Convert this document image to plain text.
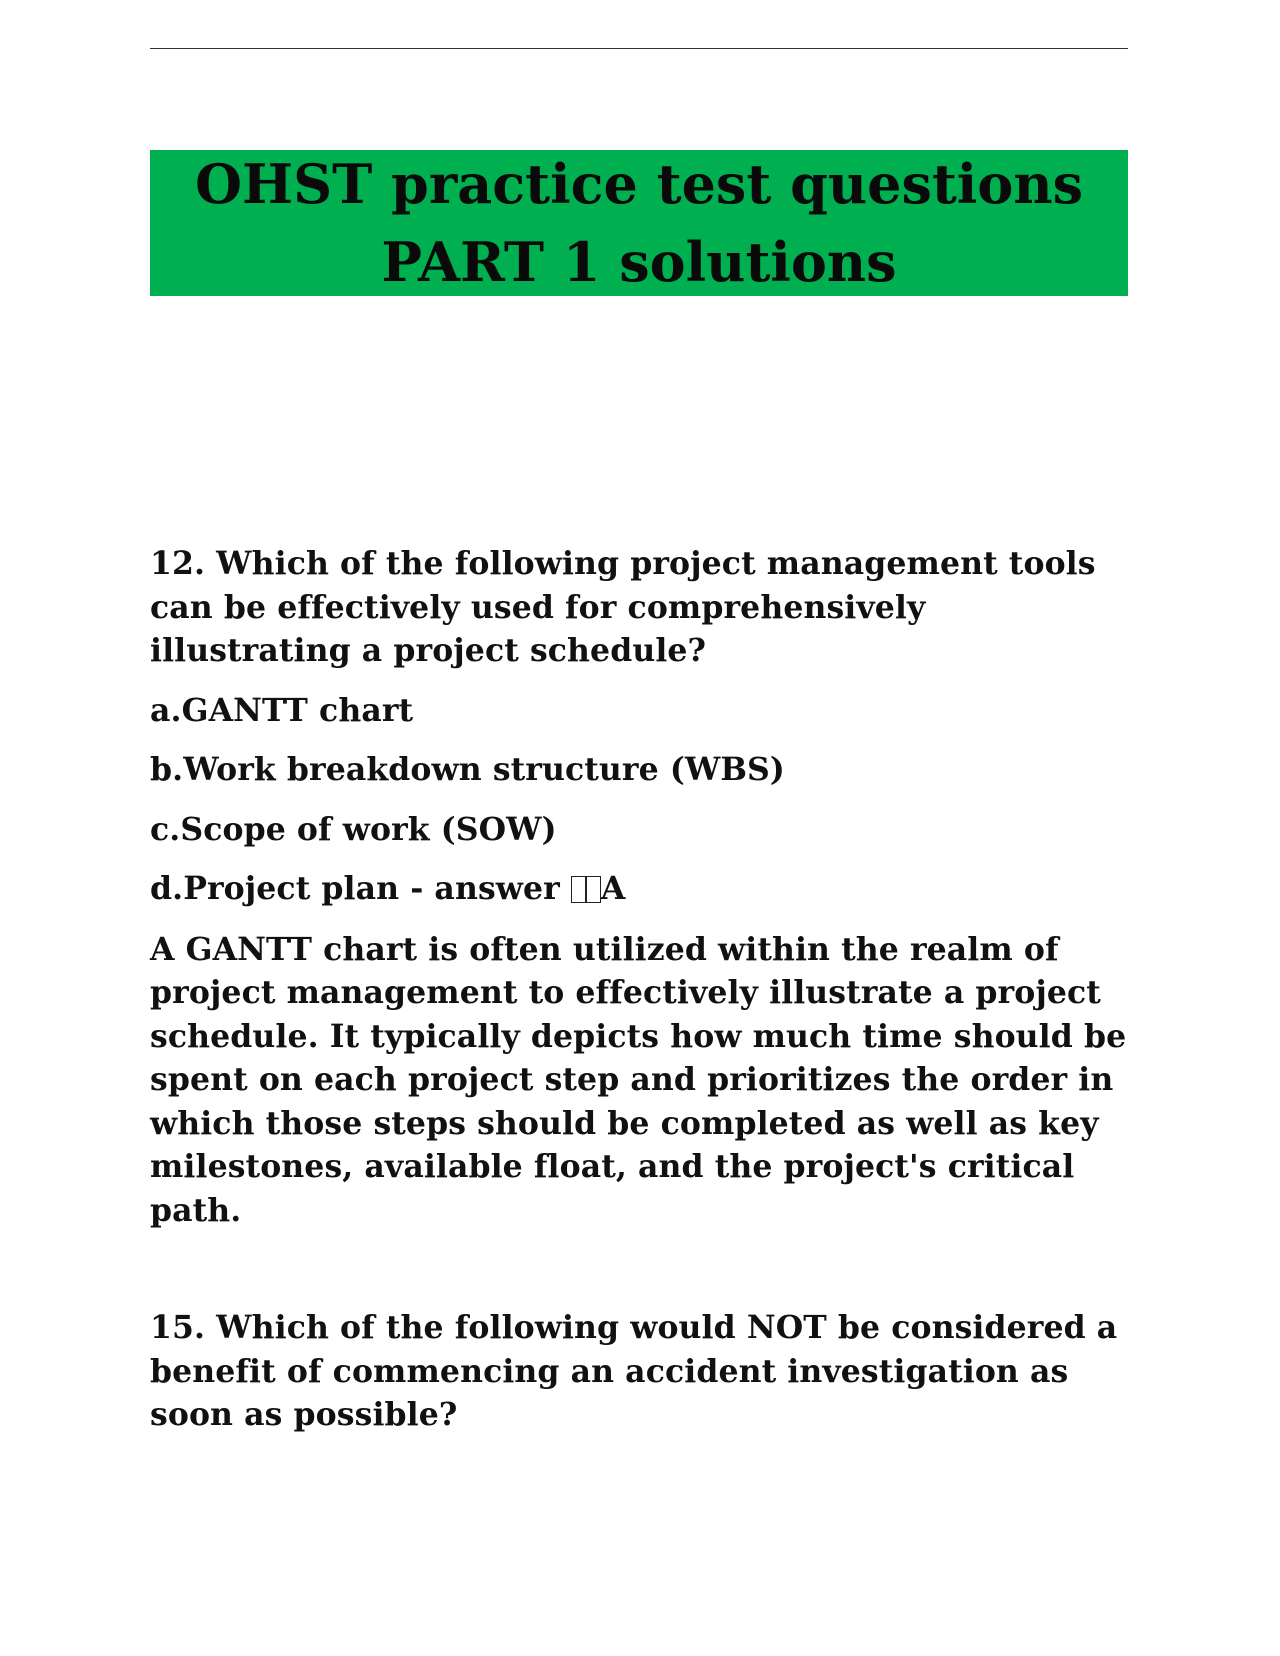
OHST practice test questions
PART 1 solutions

12. Which of the following project management tools can be effectively used for comprehensively illustrating a project schedule?

a.GANTT chart

b.Work breakdown structure (WBS)

c.Scope of work (SOW)

d.Project plan - answer A

A GANTT chart is often utilized within the realm of project management to effectively illustrate a project schedule. It typically depicts how much time should be spent on each project step and prioritizes the order in which those steps should be completed as well as key milestones, available float, and the project's critical path.

15. Which of the following would NOT be considered a benefit of commencing an accident investigation as soon as possible?
